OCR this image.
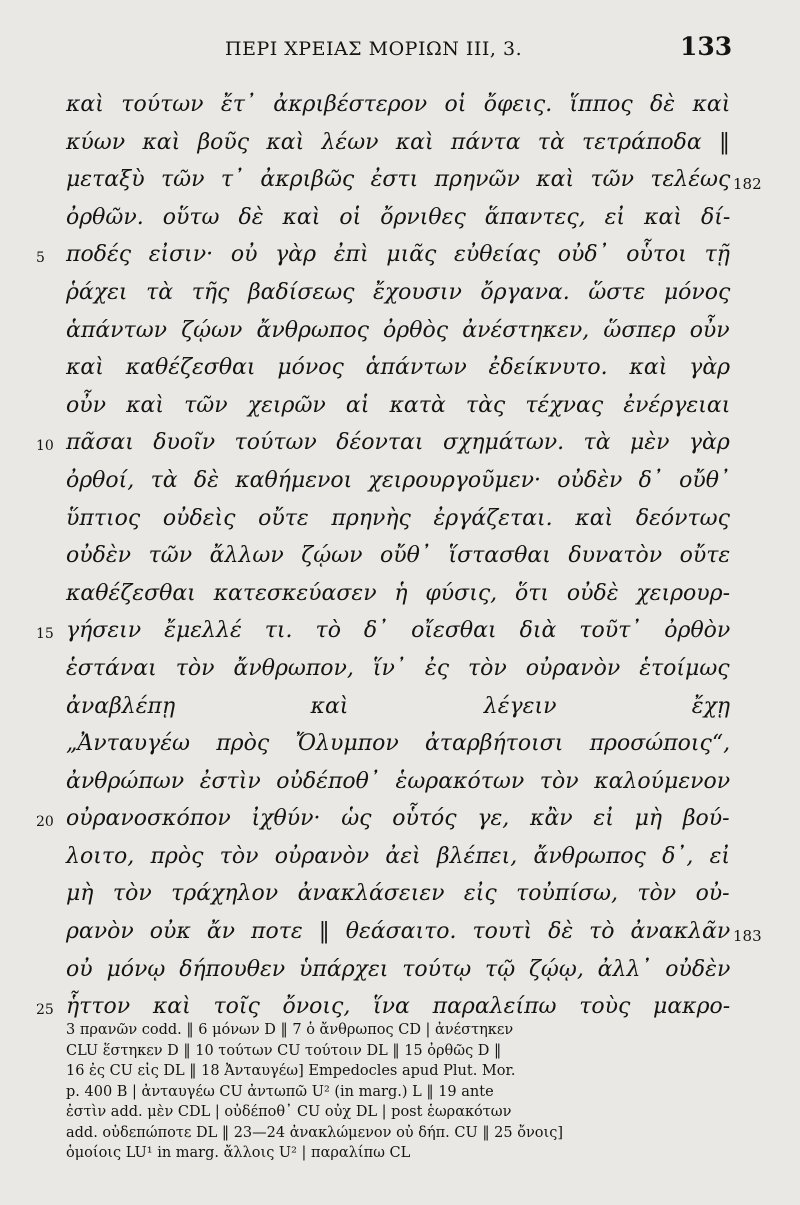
ΠΕΡΙ ΧΡΕΙΑΣ ΜΟΡΙΩΝ ΙΙΙ, 3.	133
καὶ τούτων ἔτ᾽ ἀκριβέστερον οἱ ὄφεις. ἵππος δὲ καὶ
κύων καὶ βοῦς καὶ λέων καὶ πάντα τὰ τετράποδα ‖
μεταξὺ τῶν τ᾽ ἀκριβῶς ἐστι πρηνῶν καὶ τῶν τελέως 182
ὀρθῶν. οὕτω δὲ καὶ οἱ ὄρνιθες ἅπαντες, εἰ καὶ δί-
5 ποδές εἰσιν· οὐ γὰρ ἐπὶ μιᾶς εὐθείας οὐδ᾽ οὗτοι τῇ
ῥάχει τὰ τῆς βαδίσεως ἔχουσιν ὄργανα. ὥστε μόνος
ἁπάντων ζῴων ἄνθρωπος ὀρθὸς ἀνέστηκεν, ὥσπερ οὖν
καὶ καθέζεσθαι μόνος ἁπάντων ἐδείκνυτο. καὶ γὰρ
οὖν καὶ τῶν χειρῶν αἱ κατὰ τὰς τέχνας ἐνέργειαι
10 πᾶσαι δυοῖν τούτων δέονται σχημάτων. τὰ μὲν γὰρ
ὀρθοί, τὰ δὲ καθήμενοι χειρουργοῦμεν· οὐδὲν δ᾽ οὔθ᾽
ὕπτιος οὐδεὶς οὔτε πρηνὴς ἐργάζεται. καὶ δεόντως
οὐδὲν τῶν ἄλλων ζῴων οὔθ᾽ ἵστασθαι δυνατὸν οὔτε
καθέζεσθαι κατεσκεύασεν ἡ φύσις, ὅτι οὐδὲ χειρουρ-
15 γήσειν ἔμελλέ τι. τὸ δ᾽ οἴεσθαι διὰ τοῦτ᾽ ὀρθὸν
ἑστάναι τὸν ἄνθρωπον, ἵν᾽ ἐς τὸν οὐρανὸν ἑτοίμως
ἀναβλέπῃ καὶ λέγειν ἔχῃ
„Ἀνταυγέω πρὸς Ὄλυμπον ἀταρβήτοισι προσώποις“,
ἀνθρώπων ἐστὶν οὐδέποθ᾽ ἑωρακότων τὸν καλούμενον
20 οὐρανοσκόπον ἰχθύν· ὡς οὗτός γε, κἂν εἰ μὴ βού-
λοιτο, πρὸς τὸν οὐρανὸν ἀεὶ βλέπει, ἄνθρωπος δ᾽, εἰ
μὴ τὸν τράχηλον ἀνακλάσειεν εἰς τοὐπίσω, τὸν οὐ-
ρανὸν οὐκ ἄν ποτε ‖ θεάσαιτο. τουτὶ δὲ τὸ ἀνακλᾶν 183
οὐ μόνῳ δήπουθεν ὑπάρχει τούτῳ τῷ ζῴῳ, ἀλλ᾽ οὐδὲν
25 ἧττον καὶ τοῖς ὄνοις, ἵνα παραλείπω τοὺς μακρο-
3 πρανῶν codd. ‖ 6 μόνων D ‖ 7 ὁ ἄνθρωπος CD | ἀνέστηκεν
CLU ἕστηκεν D ‖ 10 τούτων CU τούτοιν DL ‖ 15 ὀρθῶς D ‖
16 ἐς CU εἰς DL ‖ 18 Ἀνταυγέω] Empedocles apud Plut. Mor.
p. 400 B | ἀνταυγέω CU ἀντωπῶ U² (in marg.) L ‖ 19 ante
ἐστὶν add. μὲν CDL | οὐδέποθ᾽ CU οὐχ DL | post ἑωρακότων
add. οὐδεπώποτε DL ‖ 23—24 ἀνακλώμενον οὐ δήπ. CU ‖ 25 ὄνοις]
ὁμοίοις LU¹ in marg. ἄλλοις U² | παραλίπω CL
